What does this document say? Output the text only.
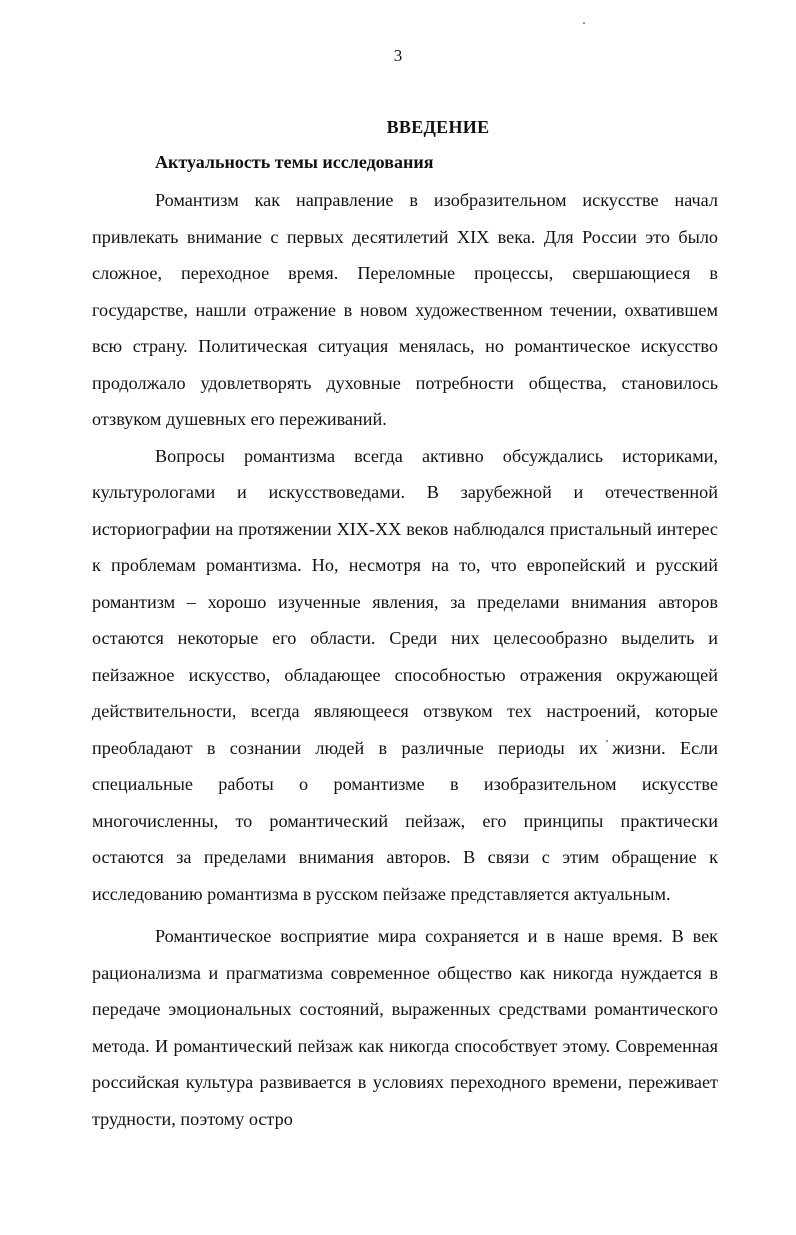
3
ВВЕДЕНИЕ
Актуальность темы исследования

Романтизм как направление в изобразительном искусстве начал привлекать внимание с первых десятилетий XIX века. Для России это было сложное, переходное время. Переломные процессы, свершающиеся в государстве, нашли отражение в новом художественном течении, охватившем всю страну. Политическая ситуация менялась, но романтическое искусство продолжало удовлетворять духовные потребности общества, становилось отзвуком душевных его переживаний.

Вопросы романтизма всегда активно обсуждались историками, культурологами и искусствоведами. В зарубежной и отечественной историографии на протяжении XIX-XX веков наблюдался пристальный интерес к проблемам романтизма. Но, несмотря на то, что европейский и русский романтизм – хорошо изученные явления, за пределами внимания авторов остаются некоторые его области. Среди них целесообразно выделить и пейзажное искусство, обладающее способностью отражения окружающей действительности, всегда являющееся отзвуком тех настроений, которые преобладают в сознании людей в различные периоды их жизни. Если специальные работы о романтизме в изобразительном искусстве многочисленны, то романтический пейзаж, его принципы практически остаются за пределами внимания авторов. В связи с этим обращение к исследованию романтизма в русском пейзаже представляется актуальным.

Романтическое восприятие мира сохраняется и в наше время. В век рационализма и прагматизма современное общество как никогда нуждается в передаче эмоциональных состояний, выраженных средствами романтического метода. И романтический пейзаж как никогда способствует этому. Современная российская культура развивается в условиях переходного времени, переживает трудности, поэтому остро
